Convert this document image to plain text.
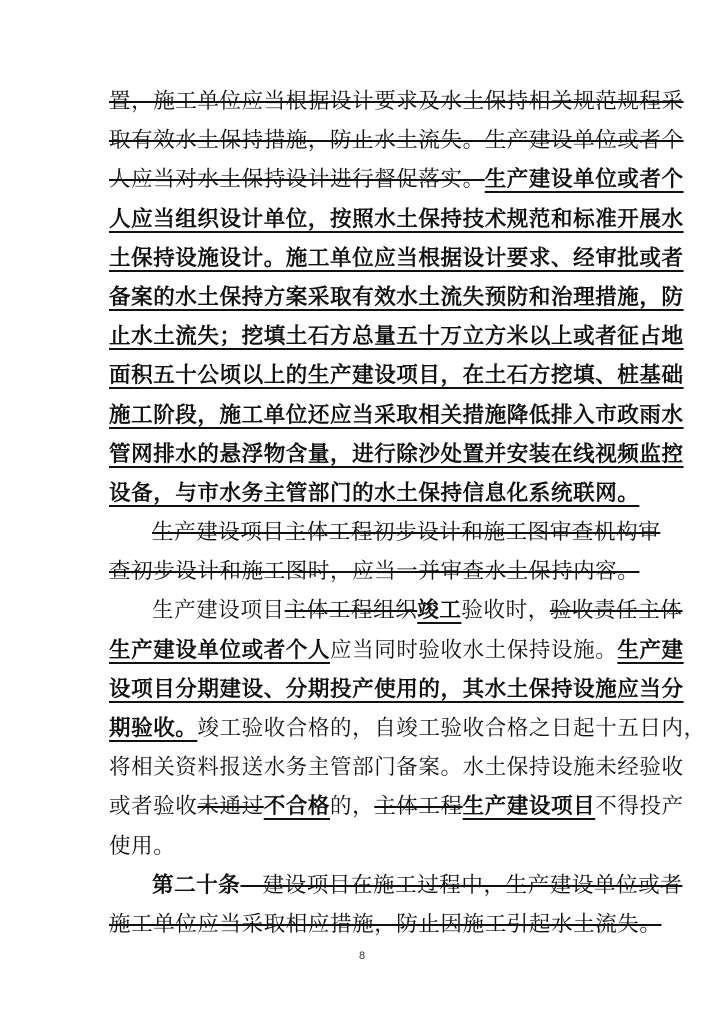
置，施工单位应当根据设计要求及水土保持相关规范规程采
取有效水土保持措施，防止水土流失。生产建设单位或者个
人应当对水土保持设计进行督促落实。生产建设单位或者个
人应当组织设计单位，按照水土保持技术规范和标准开展水
土保持设施设计。施工单位应当根据设计要求、经审批或者
备案的水土保持方案采取有效水土流失预防和治理措施，防
止水土流失；挖填土石方总量五十万立方米以上或者征占地
面积五十公顷以上的生产建设项目，在土石方挖填、桩基础
施工阶段，施工单位还应当采取相关措施降低排入市政雨水
管网排水的悬浮物含量，进行除沙处置并安装在线视频监控
设备，与市水务主管部门的水土保持信息化系统联网。
生产建设项目主体工程初步设计和施工图审查机构审
查初步设计和施工图时，应当一并审查水土保持内容。
生产建设项目主体工程组织竣工验收时，验收责任主体
生产建设单位或者个人应当同时验收水土保持设施。生产建
设项目分期建设、分期投产使用的，其水土保持设施应当分
期验收。竣工验收合格的，自竣工验收合格之日起十五日内，
将相关资料报送水务主管部门备案。水土保持设施未经验收
或者验收未通过不合格的，主体工程生产建设项目不得投产
使用。
第二十条　建设项目在施工过程中，生产建设单位或者
施工单位应当采取相应措施，防止因施工引起水土流失。
8
